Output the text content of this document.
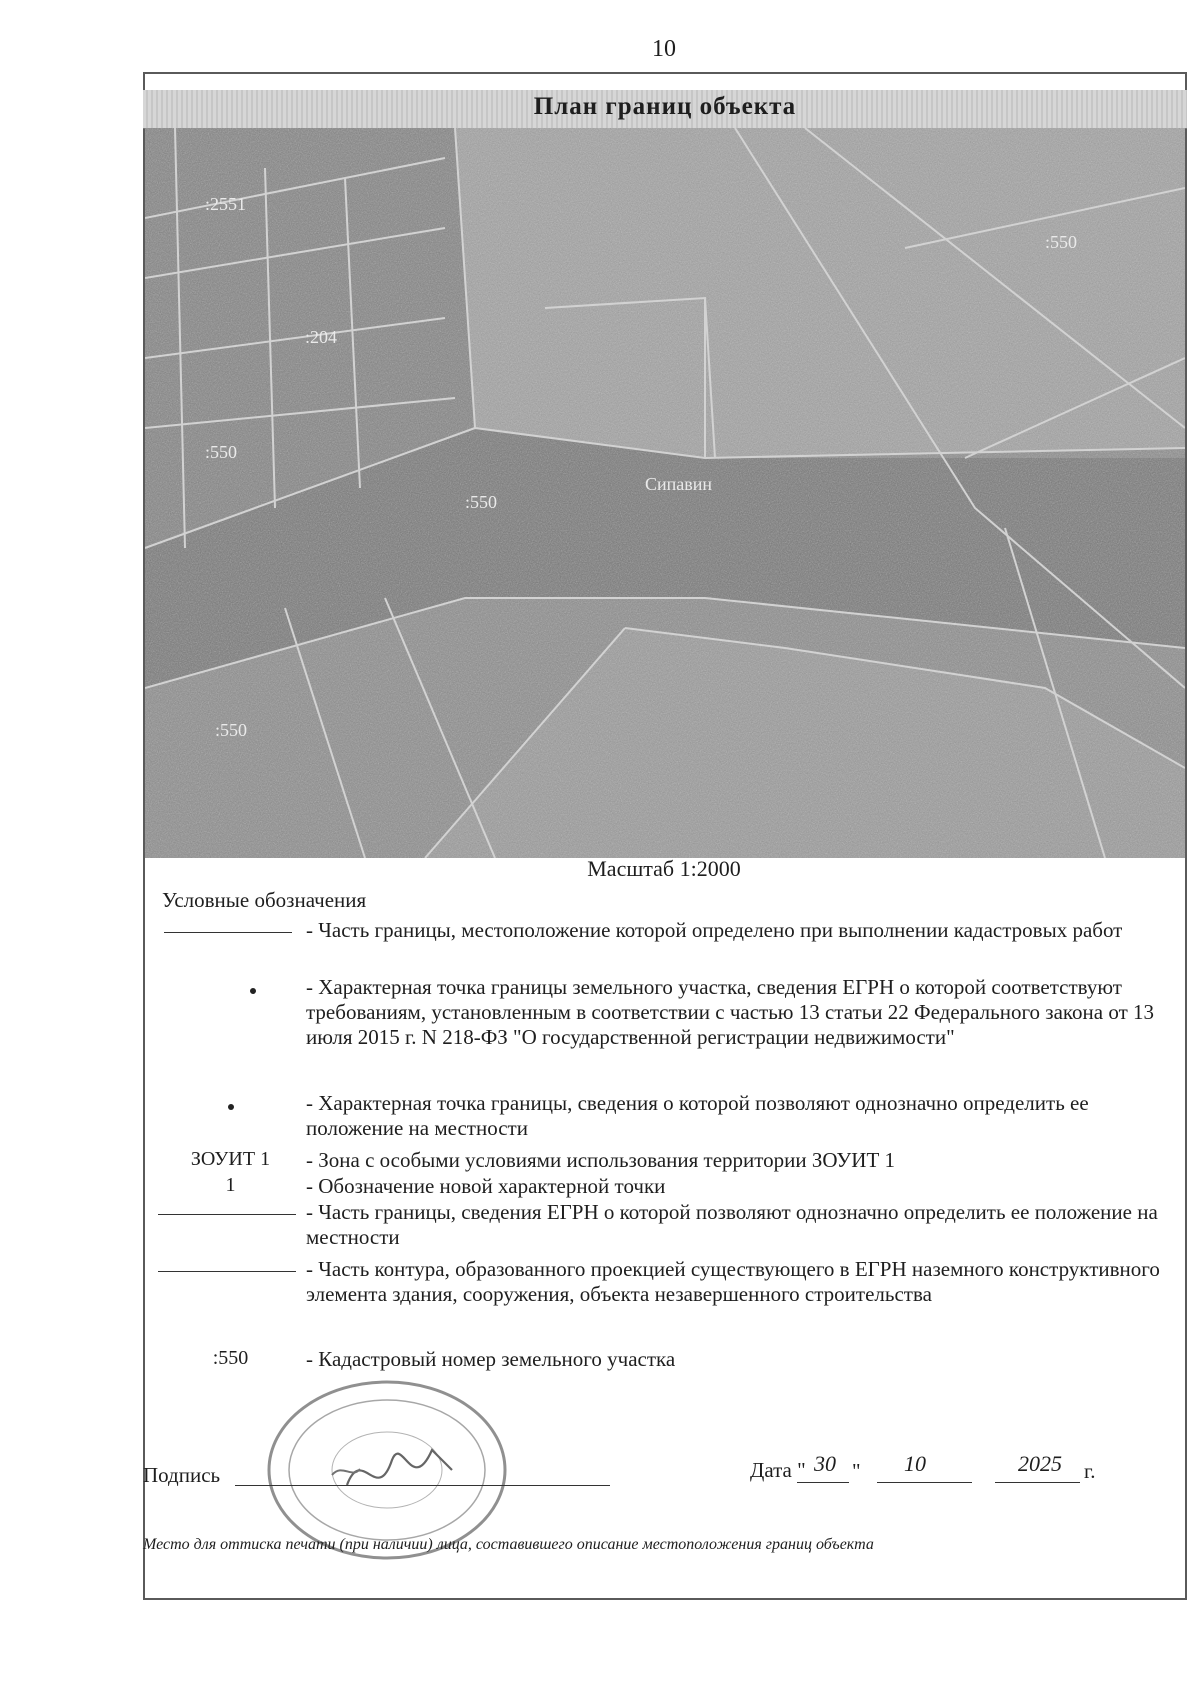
10
План границ объекта
:550
:550
:2551
Сипавин
:204
:550
:550
Масштаб 1:2000
Условные обозначения
- Часть границы, местоположение которой определено при выполнении кадастровых работ
- Характерная точка границы земельного участка, сведения ЕГРН о которой соответствуют требованиям, установленным в соответствии с частью 13 статьи 22 Федерального закона от 13 июля 2015 г. N 218-ФЗ "О государственной регистрации недвижимости"
- Характерная точка границы, сведения о которой позволяют однозначно определить ее положение на местности
ЗОУИТ 1	- Зона с особыми условиями использования территории ЗОУИТ 1
1	- Обозначение новой характерной точки
- Часть границы, сведения ЕГРН о которой позволяют однозначно определить ее положение на местности
- Часть контура, образованного проекцией существующего в ЕГРН наземного конструктивного элемента здания, сооружения, объекта незавершенного строительства
:550	- Кадастровый номер земельного участка
Подпись	Дата " 30 "	10	2025	г.
Место для оттиска печати (при наличии) лица, составившего описание местоположения границ объекта
